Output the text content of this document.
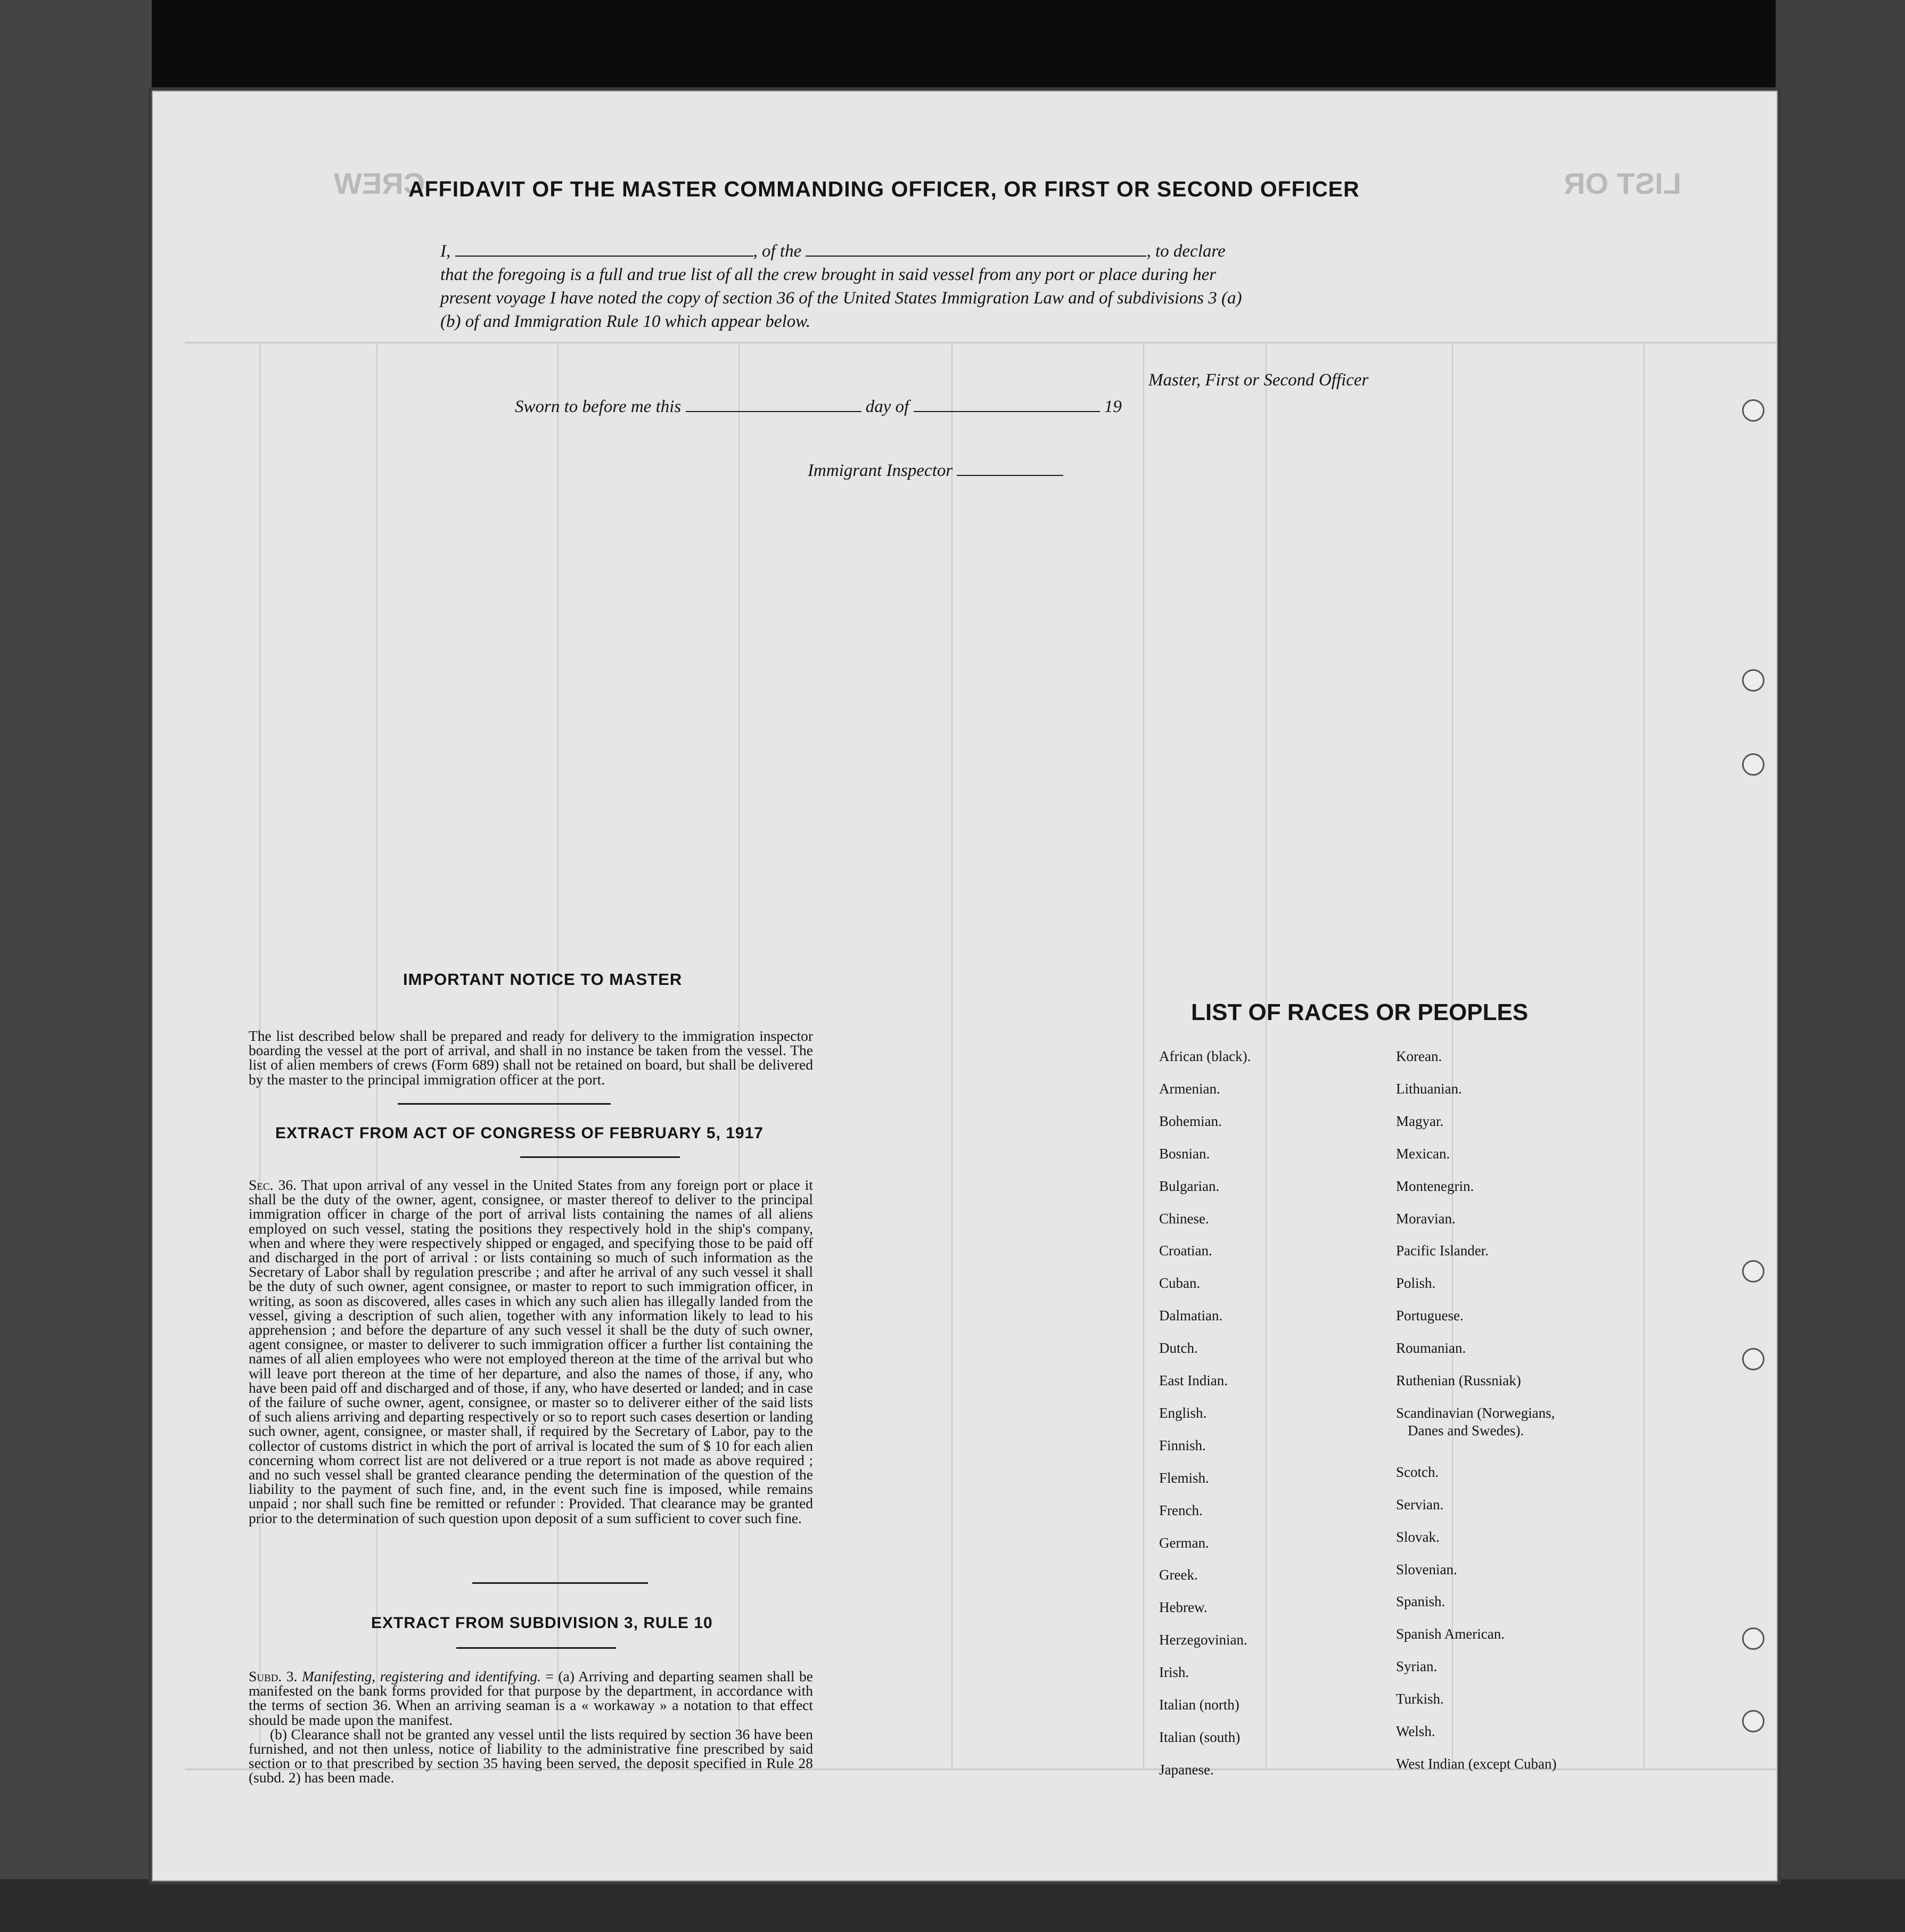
LIST OR
CREW
AFFIDAVIT OF THE MASTER COMMANDING OFFICER, OR FIRST OR SECOND OFFICER
I,	, of the	, to declare
that the foregoing is a full and true list of all the crew brought in said vessel from any port or place during her
present voyage I have noted the copy of section 36 of the United States Immigration Law and of subdivisions 3 (a)
(b) of and Immigration Rule 10 which appear below.
Master, First or Second Officer
Sworn to before me this	day of	19
Immigrant Inspector
IMPORTANT NOTICE TO MASTER
The list described below shall be prepared and ready for delivery to the immigration inspector boarding the vessel at the port of arrival, and shall in no instance be taken from the vessel. The list of alien members of crews (Form 689) shall not be retained on board, but shall be delivered by the master to the principal immigration officer at the port.
EXTRACT FROM ACT OF CONGRESS OF FEBRUARY 5, 1917
Sec. 36. That upon arrival of any vessel in the United States from any foreign port or place it shall be the duty of the owner, agent, consignee, or master thereof to deliver to the principal immigration officer in charge of the port of arrival lists containing the names of all aliens employed on such vessel, stating the positions they respectively hold in the ship's company, when and where they were respectively shipped or engaged, and specifying those to be paid off and discharged in the port of arrival : or lists containing so much of such information as the Secretary of Labor shall by regulation prescribe ; and after he arrival of any such vessel it shall be the duty of such owner, agent consignee, or master to report to such immigration officer, in writing, as soon as discovered, alles cases in which any such alien has illegally landed from the vessel, giving a description of such alien, together with any information likely to lead to his apprehension ; and before the departure of any such vessel it shall be the duty of such owner, agent consignee, or master to deliverer to such immigration officer a further list containing the names of all alien employees who were not employed thereon at the time of the arrival but who will leave port thereon at the time of her departure, and also the names of those, if any, who have been paid off and discharged and of those, if any, who have deserted or landed; and in case of the failure of suche owner, agent, consignee, or master so to deliverer either of the said lists of such aliens arriving and departing respectively or so to report such cases desertion or landing such owner, agent, consignee, or master shall, if required by the Secretary of Labor, pay to the collector of customs district in which the port of arrival is located the sum of $ 10 for each alien concerning whom correct list are not delivered or a true report is not made as above required ; and no such vessel shall be granted clearance pending the determination of the question of the liability to the payment of such fine, and, in the event such fine is imposed, while remains unpaid ; nor shall such fine be remitted or refunder : Provided. That clearance may be granted prior to the determination of such question upon deposit of a sum sufficient to cover such fine.
EXTRACT FROM SUBDIVISION 3, RULE 10
Subd. 3. Manifesting, registering and identifying. = (a) Arriving and departing seamen shall be manifested on the bank forms provided for that purpose by the department, in accordance with the terms of section 36. When an arriving seaman is a « workaway » a notation to that effect should be made upon the manifest.
(b) Clearance shall not be granted any vessel until the lists required by section 36 have been furnished, and not then unless, notice of liability to the administrative fine prescribed by said section or to that prescribed by section 35 having been served, the deposit specified in Rule 28 (subd. 2) has been made.
LIST OF RACES OR PEOPLES
African (black).
Armenian.
Bohemian.
Bosnian.
Bulgarian.
Chinese.
Croatian.
Cuban.
Dalmatian.
Dutch.
East Indian.
English.
Finnish.
Flemish.
French.
German.
Greek.
Hebrew.
Herzegovinian.
Irish.
Italian (north)
Italian (south)
Japanese.
Korean.
Lithuanian.
Magyar.
Mexican.
Montenegrin.
Moravian.
Pacific Islander.
Polish.
Portuguese.
Roumanian.
Ruthenian (Russniak)
Scandinavian (Norwegians,
Danes and Swedes).
Scotch.
Servian.
Slovak.
Slovenian.
Spanish.
Spanish American.
Syrian.
Turkish.
Welsh.
West Indian (except Cuban)
